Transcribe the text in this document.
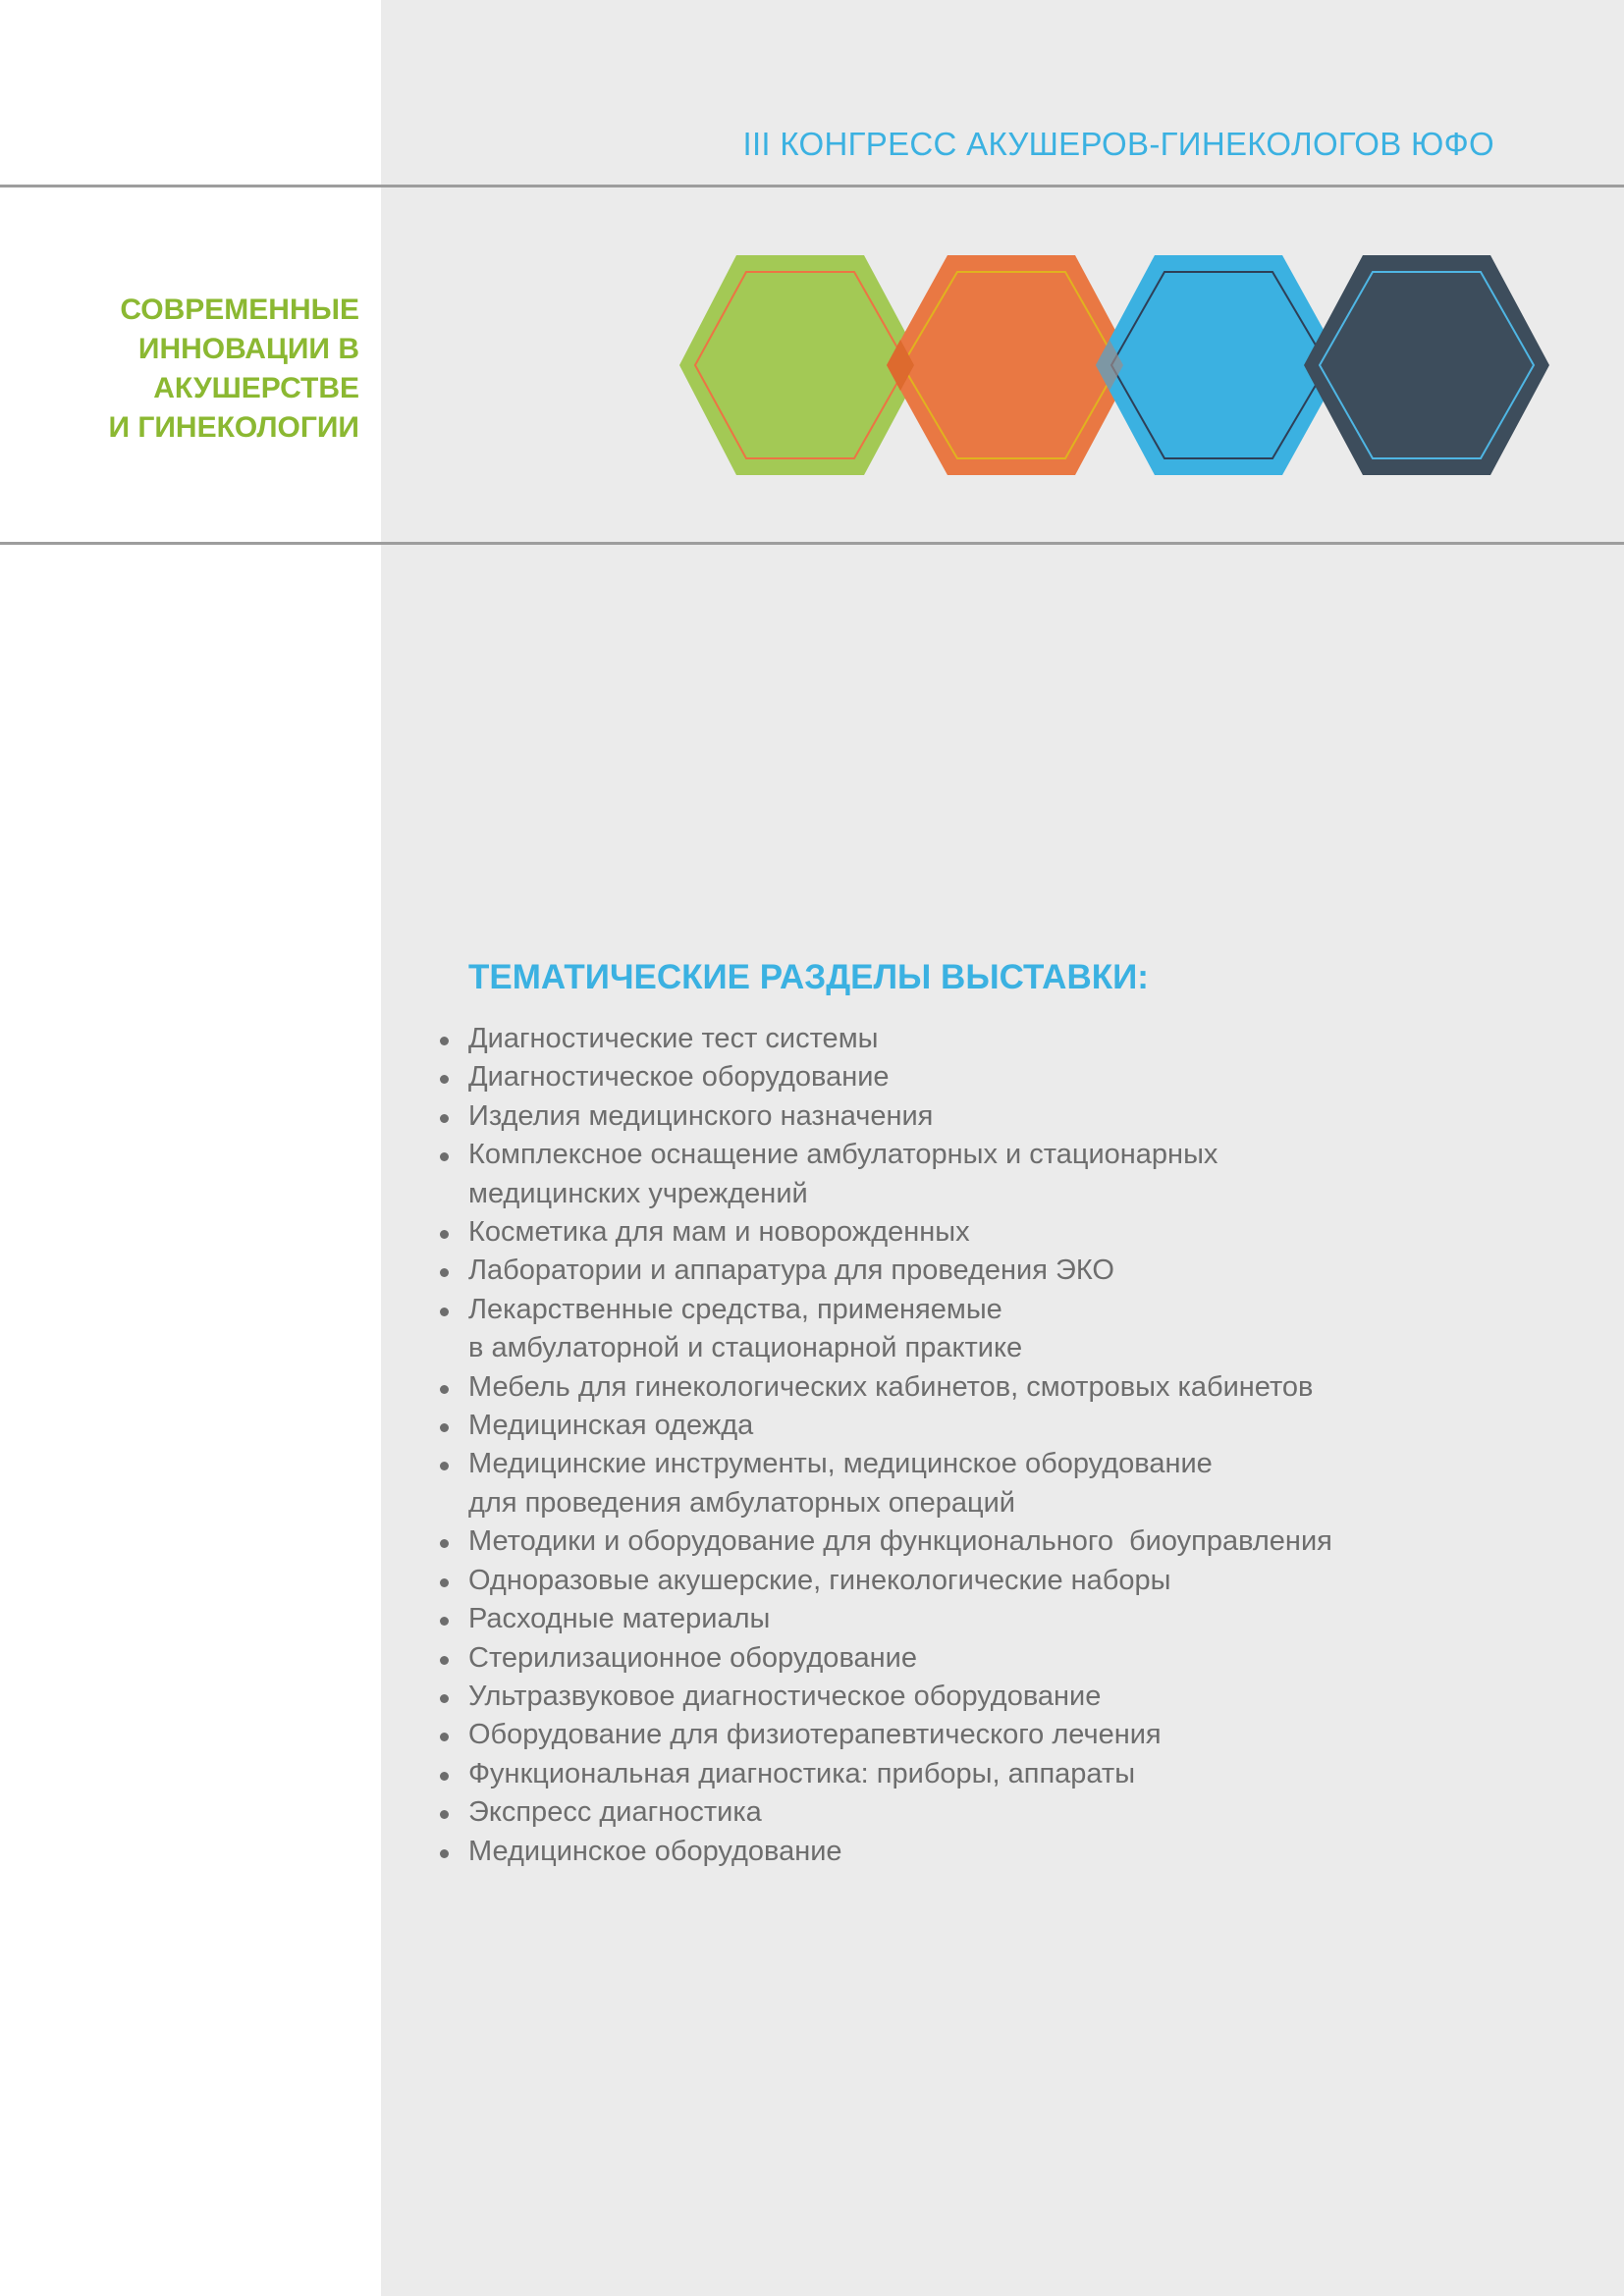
III КОНГРЕСС АКУШЕРОВ-ГИНЕКОЛОГОВ ЮФО
СОВРЕМЕННЫЕ
ИННОВАЦИИ В
АКУШЕРСТВЕ
И ГИНЕКОЛОГИИ
ТЕМАТИЧЕСКИЕ РАЗДЕЛЫ ВЫСТАВКИ:
Диагностические тест системы
Диагностическое оборудование
Изделия медицинского назначения
Комплексное оснащение амбулаторных и стационарных
медицинских учреждений
Косметика для мам и новорожденных
Лаборатории и аппаратура для проведения ЭКО
Лекарственные средства, применяемые
в амбулаторной и стационарной практике
Мебель для гинекологических кабинетов, смотровых кабинетов
Медицинская одежда
Медицинские инструменты, медицинское оборудование
для проведения амбулаторных операций
Методики и оборудование для функционального  биоуправления
Одноразовые акушерские, гинекологические наборы
Расходные материалы
Стерилизационное оборудование
Ультразвуковое диагностическое оборудование
Оборудование для физиотерапевтического лечения
Функциональная диагностика: приборы, аппараты
Экспресс диагностика
Медицинское оборудование
